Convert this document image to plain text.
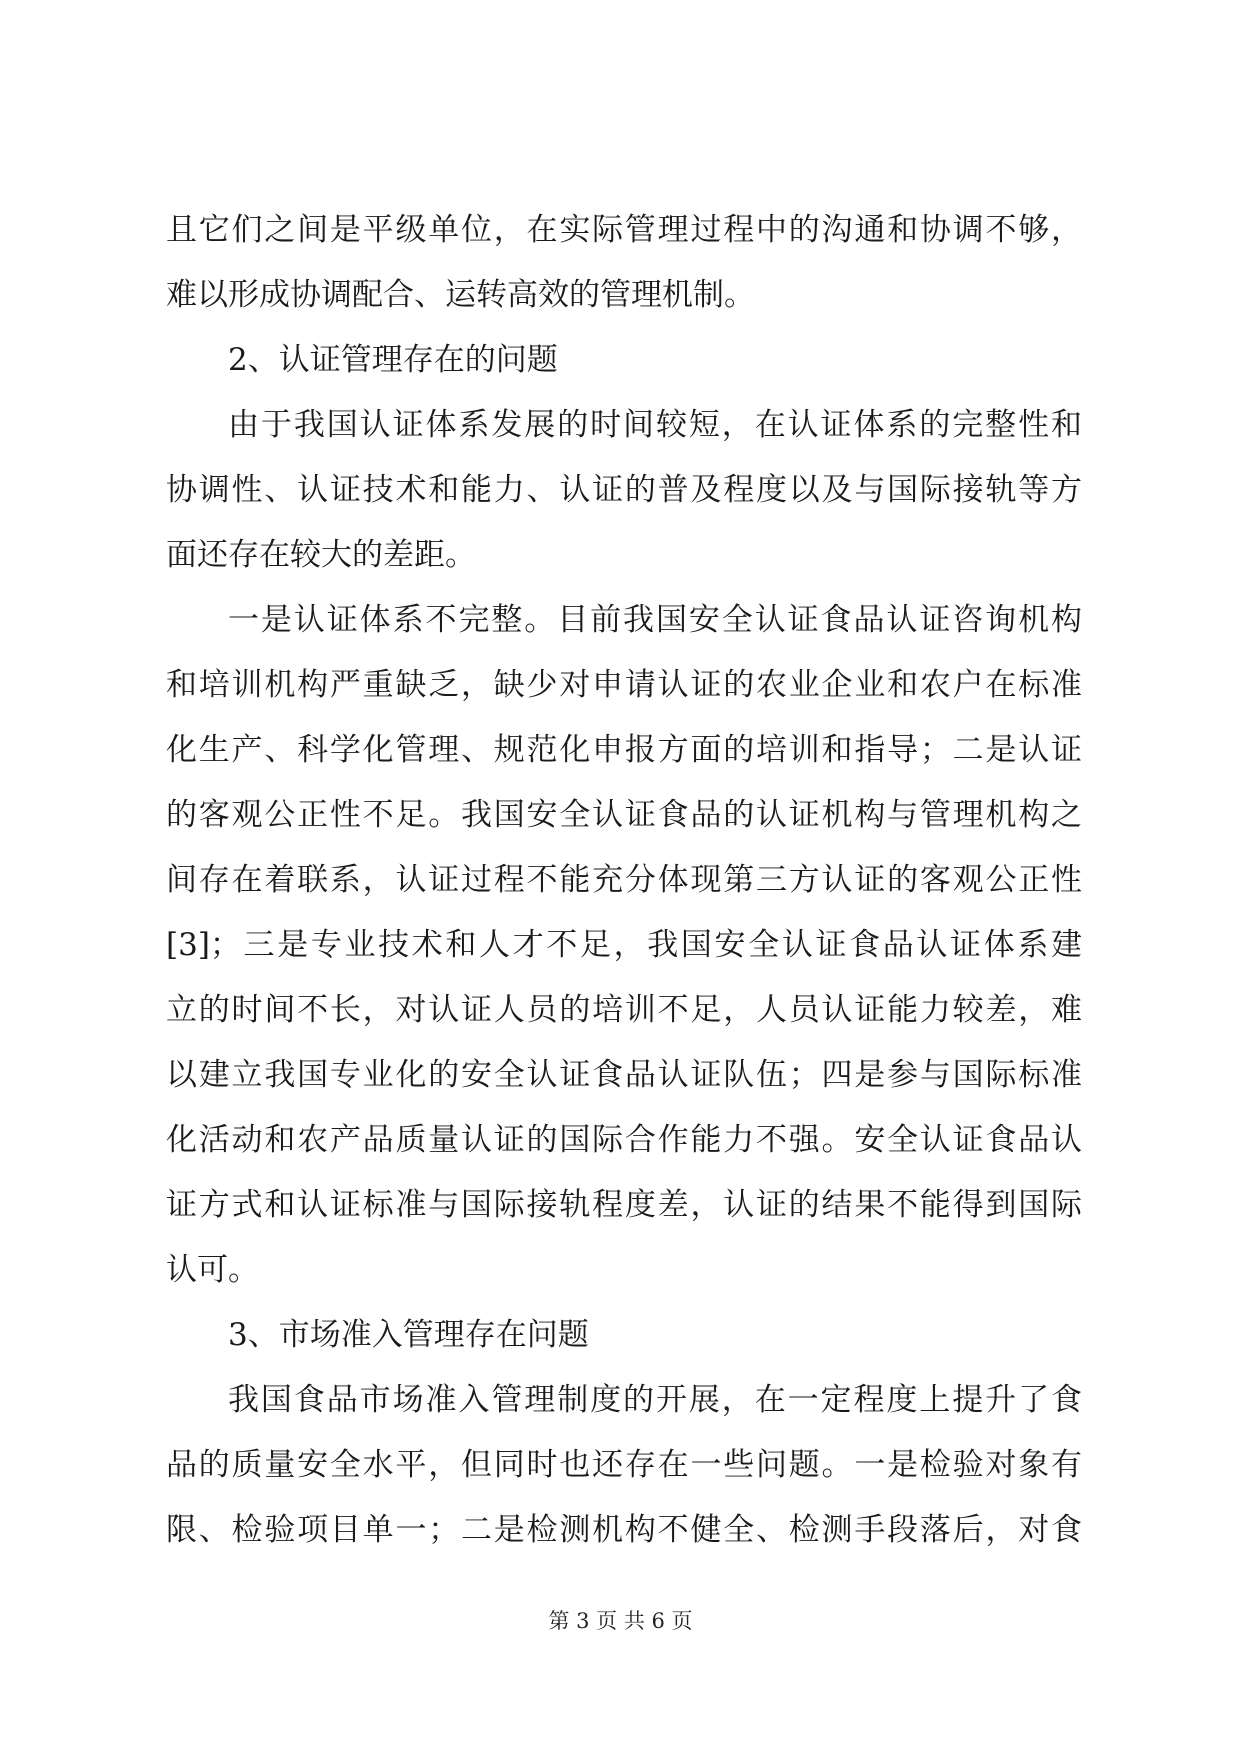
且它们之间是平级单位，在实际管理过程中的沟通和协调不够，
难以形成协调配合、运转高效的管理机制。
2、认证管理存在的问题
由于我国认证体系发展的时间较短，在认证体系的完整性和
协调性、认证技术和能力、认证的普及程度以及与国际接轨等方
面还存在较大的差距。
一是认证体系不完整。目前我国安全认证食品认证咨询机构
和培训机构严重缺乏，缺少对申请认证的农业企业和农户在标准
化生产、科学化管理、规范化申报方面的培训和指导；二是认证
的客观公正性不足。我国安全认证食品的认证机构与管理机构之
间存在着联系，认证过程不能充分体现第三方认证的客观公正性
[3]；三是专业技术和人才不足，我国安全认证食品认证体系建
立的时间不长，对认证人员的培训不足，人员认证能力较差，难
以建立我国专业化的安全认证食品认证队伍；四是参与国际标准
化活动和农产品质量认证的国际合作能力不强。安全认证食品认
证方式和认证标准与国际接轨程度差，认证的结果不能得到国际
认可。
3、市场准入管理存在问题
我国食品市场准入管理制度的开展，在一定程度上提升了食
品的质量安全水平，但同时也还存在一些问题。一是检验对象有
限、检验项目单一；二是检测机构不健全、检测手段落后，对食
第 3 页 共 6 页
